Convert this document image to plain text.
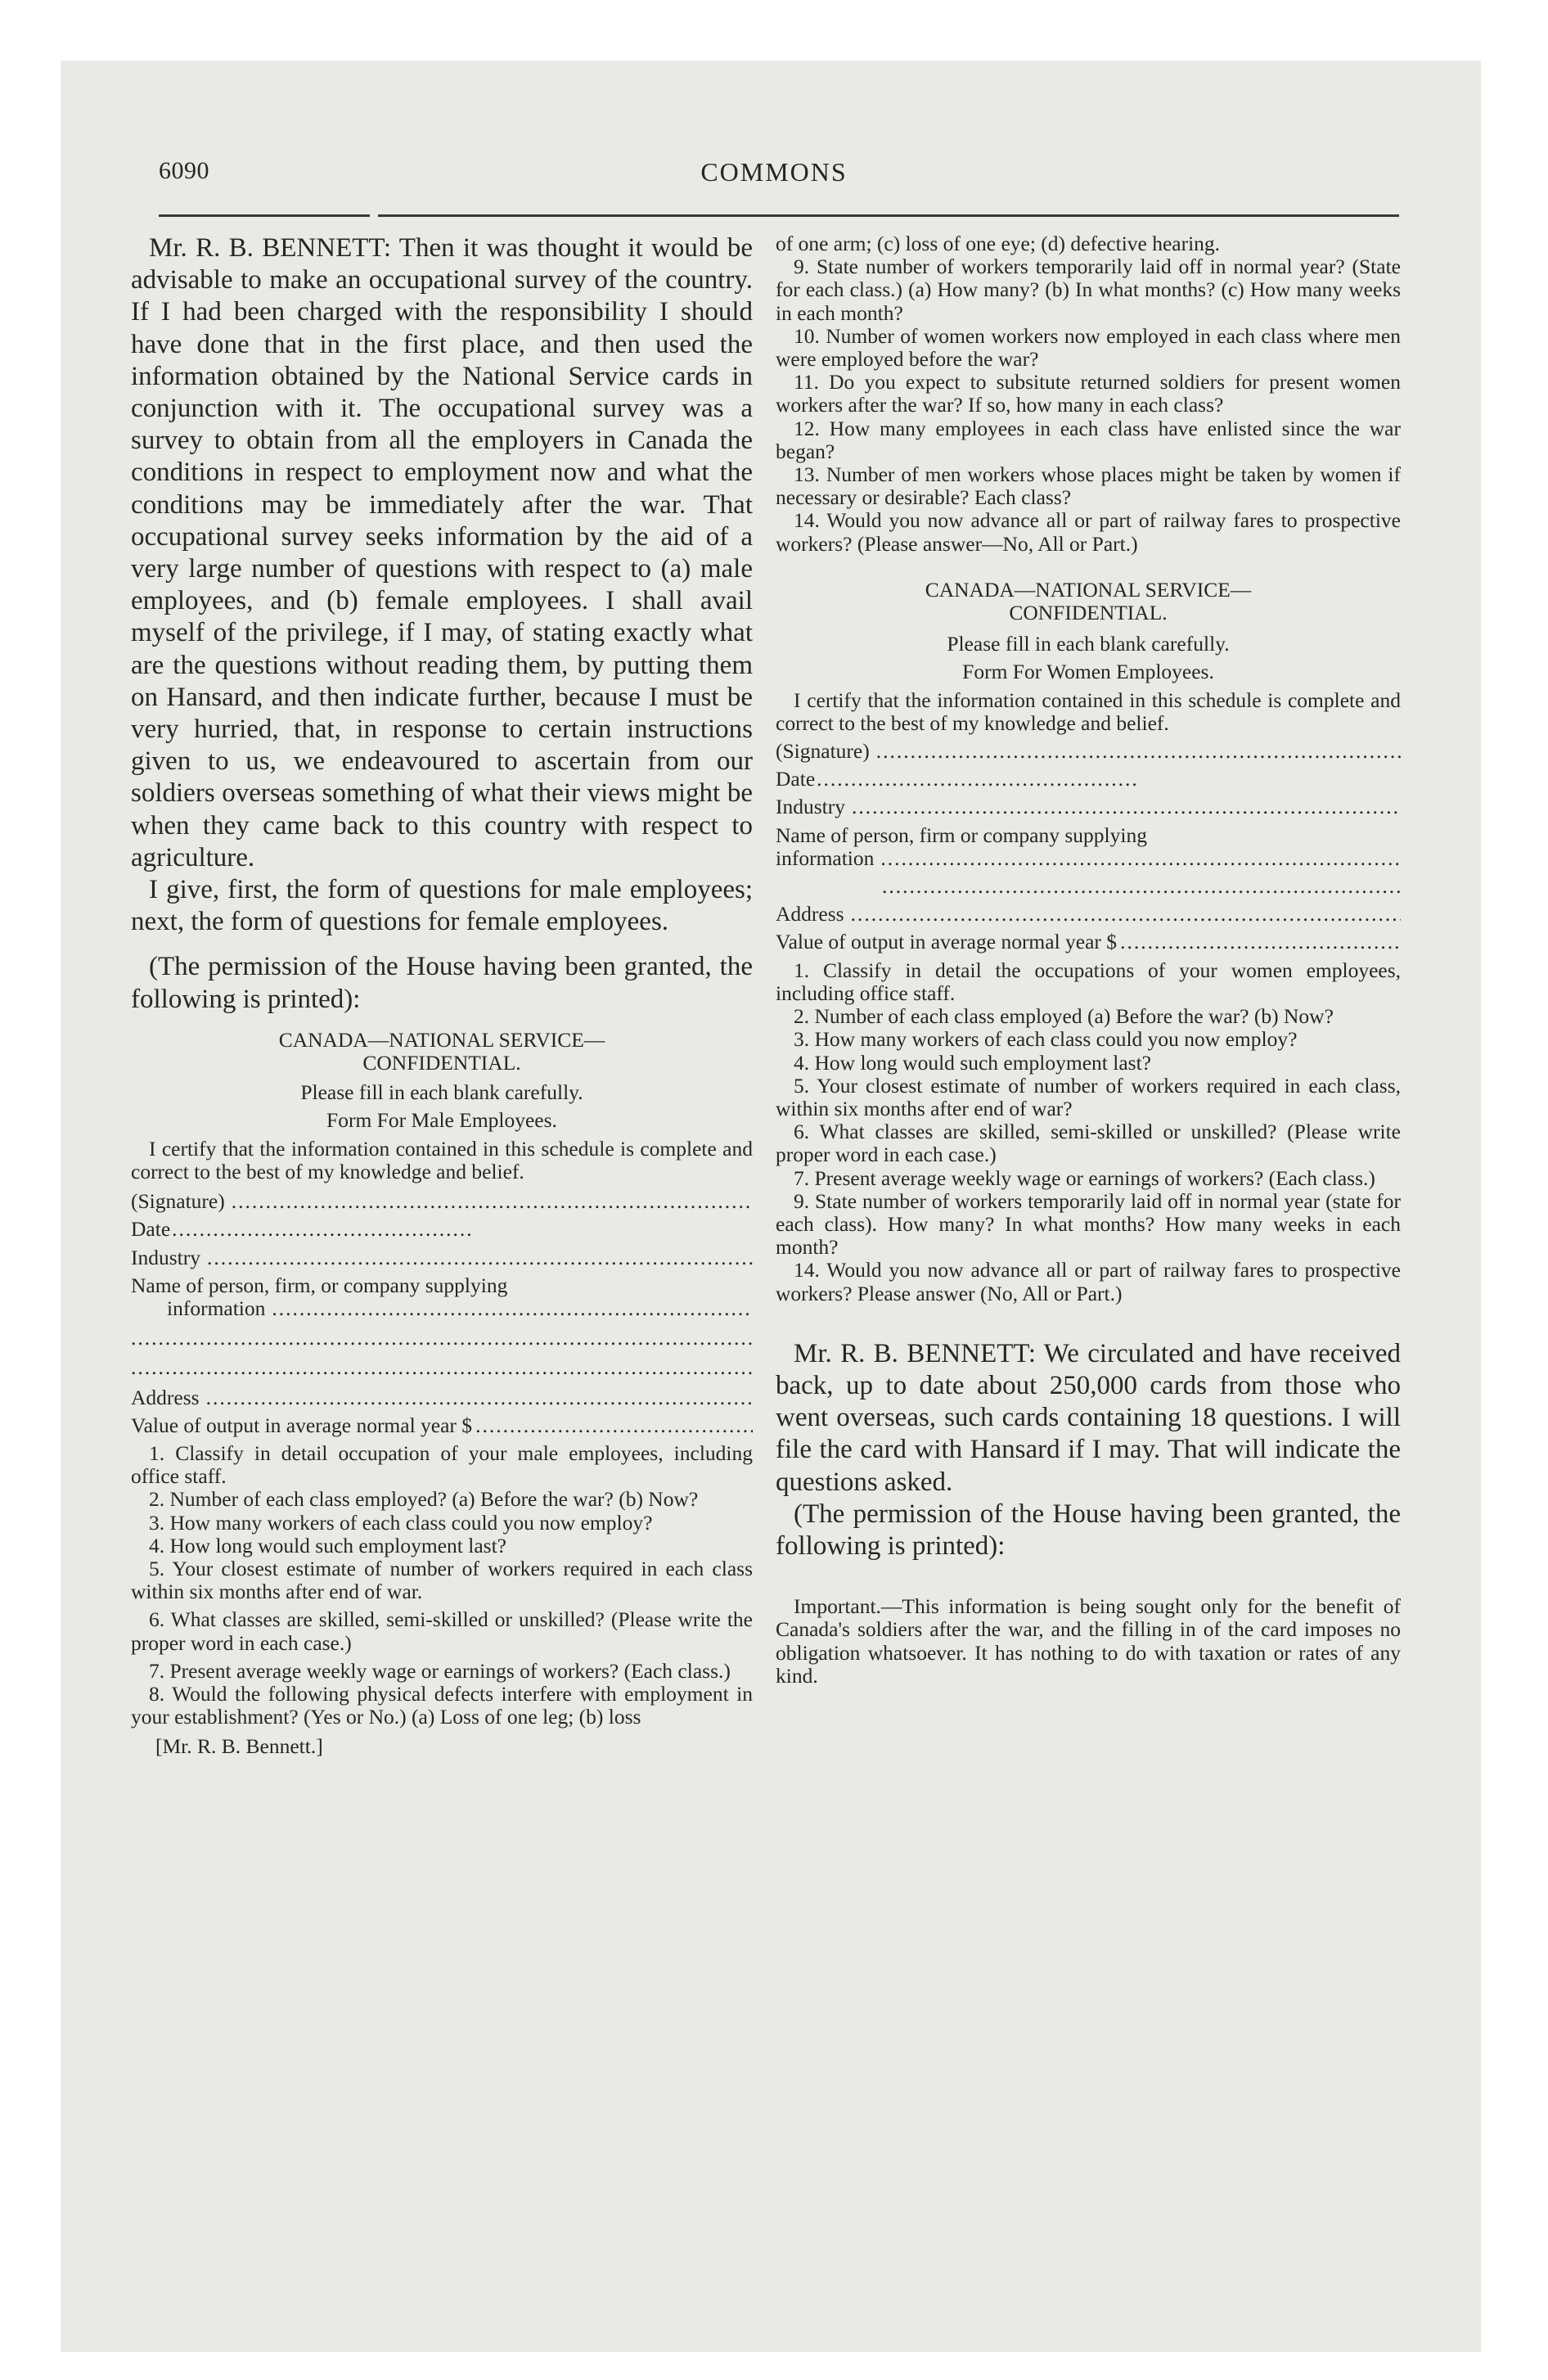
6090	COMMONS

Mr. R. B. BENNETT: Then it was thought it would be advisable to make an occupational survey of the country. If I had been charged with the responsibility I should have done that in the first place, and then used the information obtained by the National Service cards in conjunction with it. The occupational survey was a survey to obtain from all the employers in Canada the conditions in respect to employment now and what the conditions may be immediately after the war. That occupational survey seeks information by the aid of a very large number of questions with respect to (a) male employees, and (b) female employees. I shall avail myself of the privilege, if I may, of stating exactly what are the questions without reading them, by putting them on Hansard, and then indicate further, because I must be very hurried, that, in response to certain instructions given to us, we endeavoured to ascertain from our soldiers overseas something of what their views might be when they came back to this country with respect to agriculture.

I give, first, the form of questions for male employees; next, the form of questions for female employees.

(The permission of the House having been granted, the following is printed):

CANADA—NATIONAL SERVICE— CONFIDENTIAL.

Please fill in each blank carefully.

Form For Male Employees.

I certify that the information contained in this schedule is complete and correct to the best of my knowledge and belief.

(Signature)
.....
Date
.....
Industry
.....
Name of person, firm, or company supplying
information
.....
.....
.....
Address
.....
Value of output in average normal year $
.....

1. Classify in detail occupation of your male employees, including office staff.

2. Number of each class employed? (a) Before the war? (b) Now?

3. How many workers of each class could you now employ?

4. How long would such employment last?

5. Your closest estimate of number of workers required in each class within six months after end of war.

6. What classes are skilled, semi-skilled or unskilled? (Please write the proper word in each case.)

7. Present average weekly wage or earnings of workers? (Each class.)

8. Would the following physical defects interfere with employment in your establishment? (Yes or No.) (a) Loss of one leg; (b) loss

[Mr. R. B. Bennett.]

of one arm; (c) loss of one eye; (d) defective hearing.

9. State number of workers temporarily laid off in normal year? (State for each class.) (a) How many? (b) In what months? (c) How many weeks in each month?

10. Number of women workers now employed in each class where men were employed before the war?

11. Do you expect to subsitute returned soldiers for present women workers after the war? If so, how many in each class?

12. How many employees in each class have enlisted since the war began?

13. Number of men workers whose places might be taken by women if necessary or desirable? Each class?

14. Would you now advance all or part of railway fares to prospective workers? (Please answer—No, All or Part.)

CANADA—NATIONAL SERVICE— CONFIDENTIAL.

Please fill in each blank carefully.

Form For Women Employees.

I certify that the information contained in this schedule is complete and correct to the best of my knowledge and belief.

(Signature)
.....
Date
.....
Industry
.....
Name of person, firm or company supplying
information
.....
.....
Address
.....
Value of output in average normal year $
.....

1. Classify in detail the occupations of your women employees, including office staff.

2. Number of each class employed (a) Before the war? (b) Now?

3. How many workers of each class could you now employ?

4. How long would such employment last?

5. Your closest estimate of number of workers required in each class, within six months after end of war?

6. What classes are skilled, semi-skilled or unskilled? (Please write proper word in each case.)

7. Present average weekly wage or earnings of workers? (Each class.)

9. State number of workers temporarily laid off in normal year (state for each class). How many? In what months? How many weeks in each month?

14. Would you now advance all or part of railway fares to prospective workers? Please answer (No, All or Part.)

Mr. R. B. BENNETT: We circulated and have received back, up to date about 250,000 cards from those who went overseas, such cards containing 18 questions. I will file the card with Hansard if I may. That will indicate the questions asked.

(The permission of the House having been granted, the following is printed):

Important.—This information is being sought only for the benefit of Canada's soldiers after the war, and the filling in of the card imposes no obligation whatsoever. It has nothing to do with taxation or rates of any kind.
